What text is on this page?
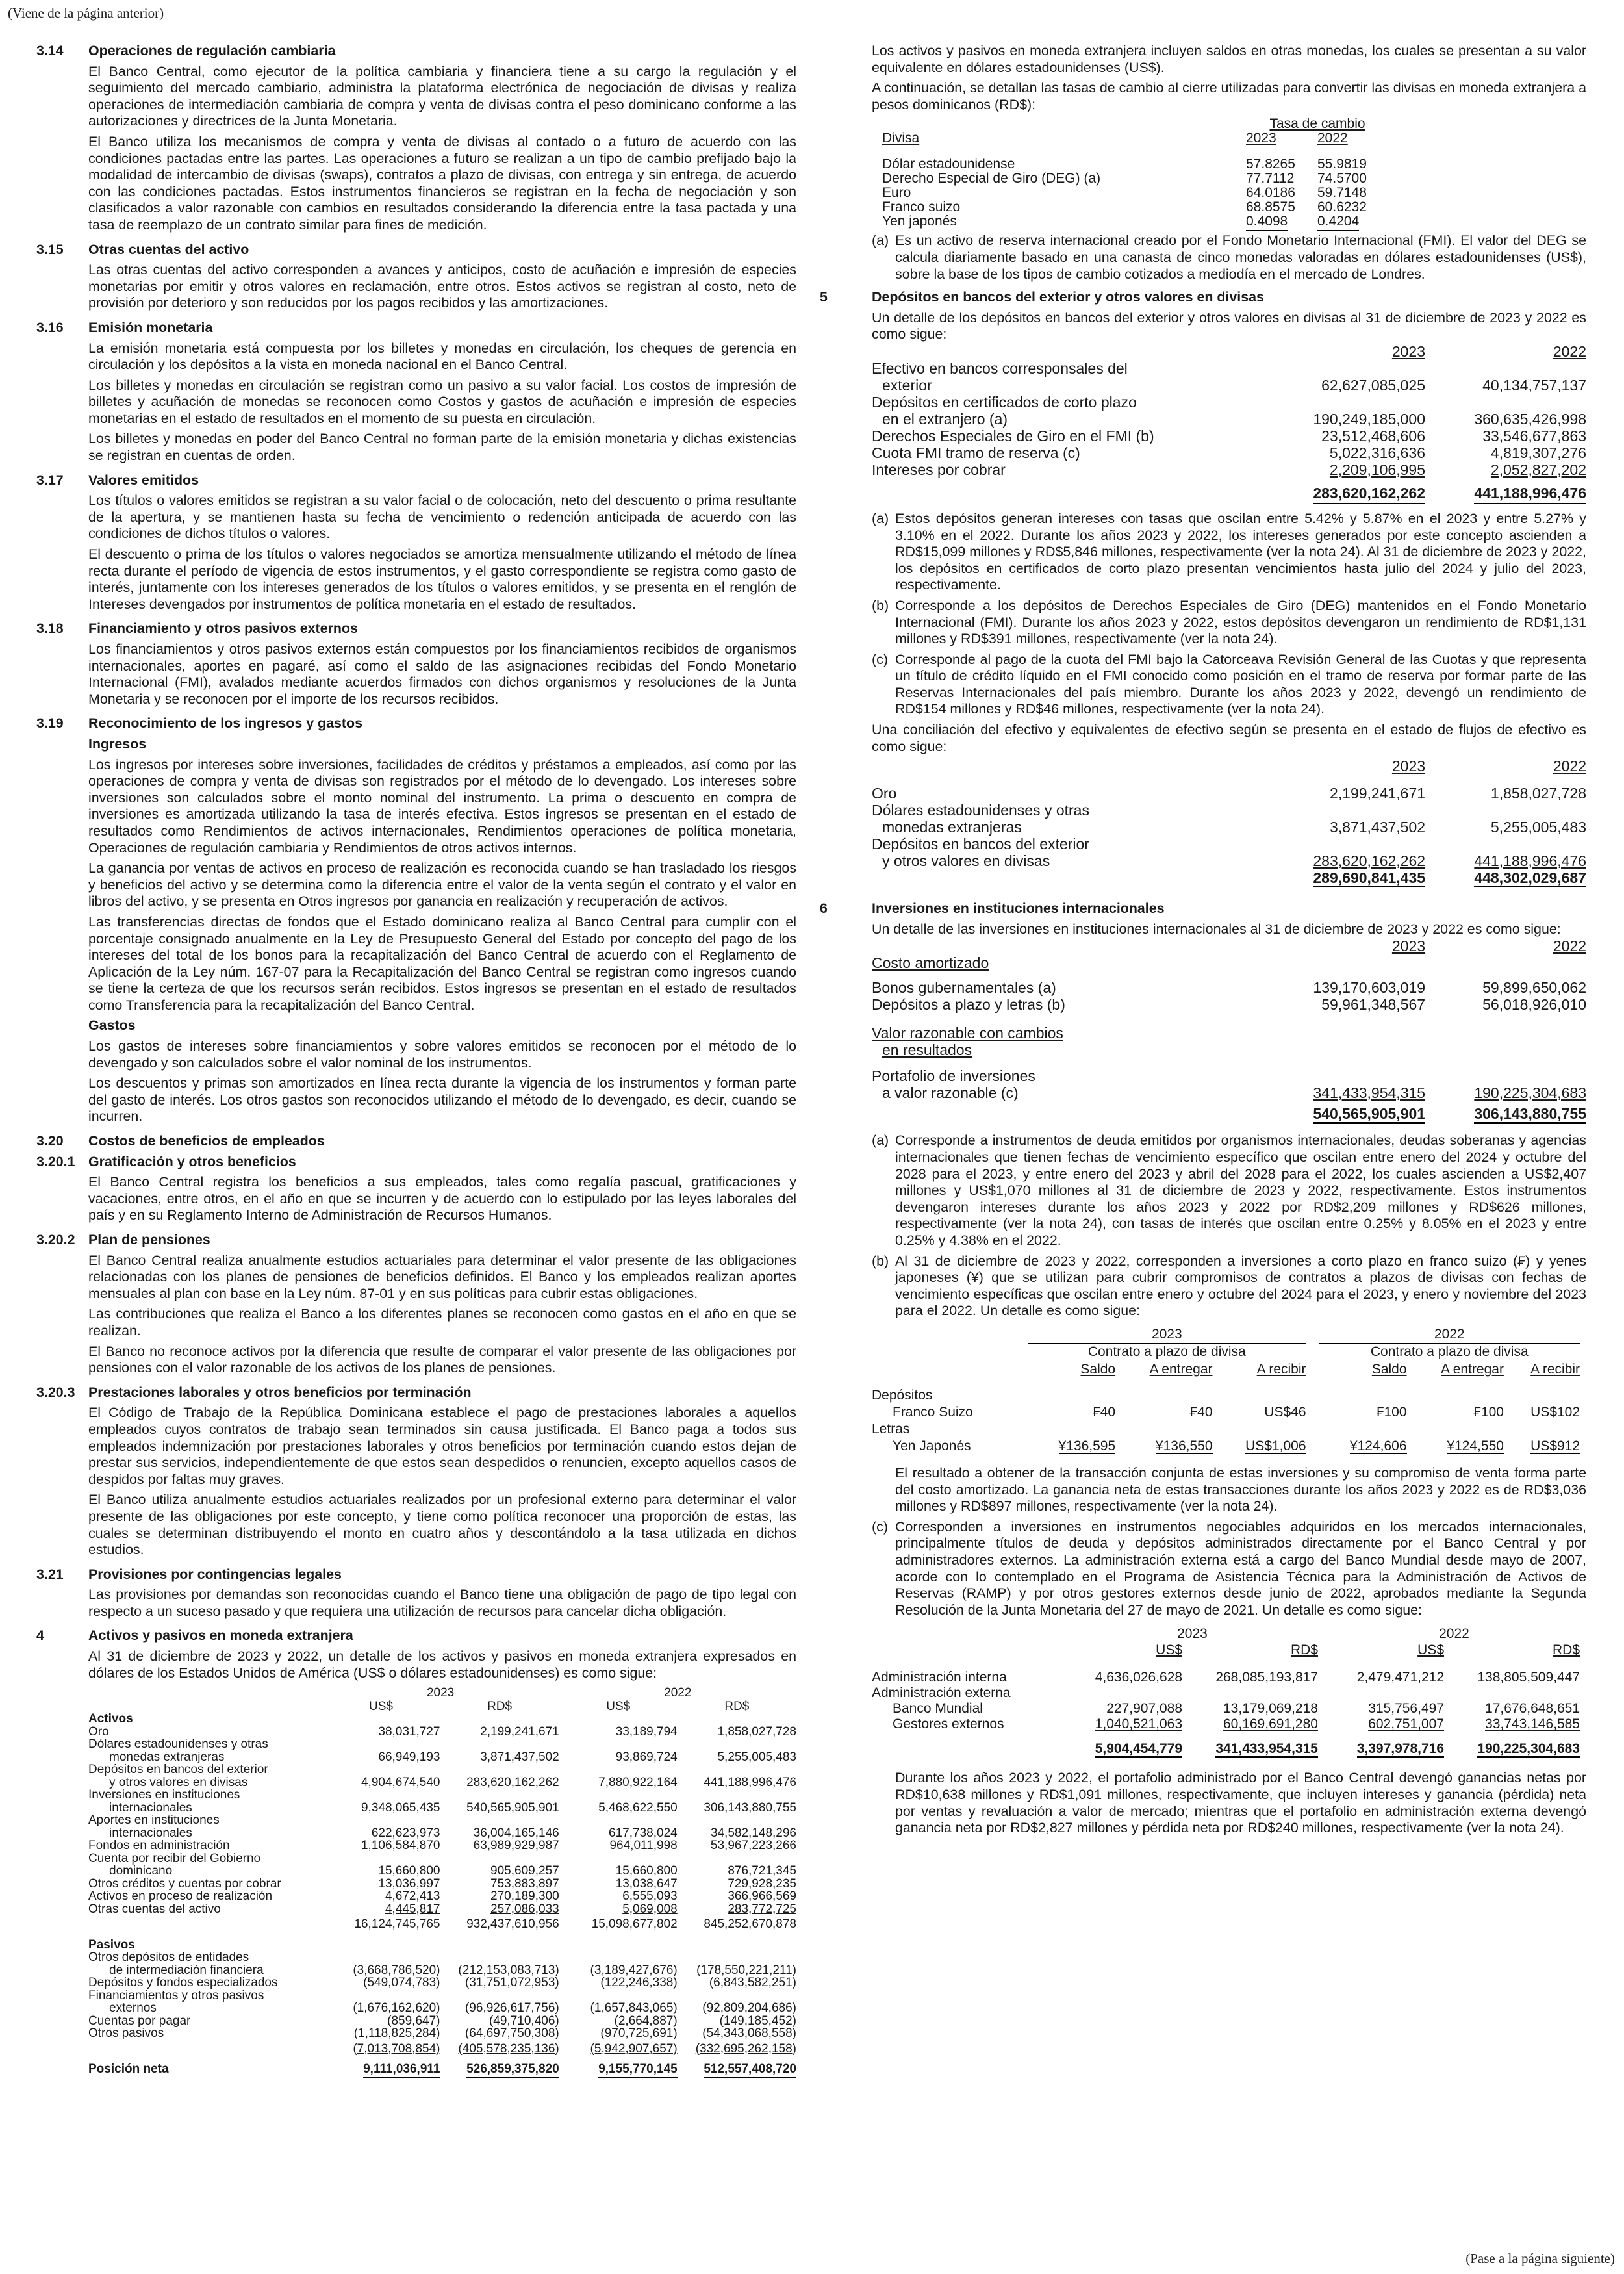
(Viene de la página anterior)
(Pase a la página siguiente)
3.14	Operaciones de regulación cambiaria

El Banco Central, como ejecutor de la política cambiaria y financiera tiene a su cargo la regulación y el seguimiento del mercado cambiario, administra la plataforma electrónica de negociación de divisas y realiza operaciones de intermediación cambiaria de compra y venta de divisas contra el peso dominicano conforme a las autorizaciones y directrices de la Junta Monetaria.

El Banco utiliza los mecanismos de compra y venta de divisas al contado o a futuro de acuerdo con las condiciones pactadas entre las partes. Las operaciones a futuro se realizan a un tipo de cambio prefijado bajo la modalidad de intercambio de divisas (swaps), contratos a plazo de divisas, con entrega y sin entrega, de acuerdo con las condiciones pactadas. Estos instrumentos financieros se registran en la fecha de negociación y son clasificados a valor razonable con cambios en resultados considerando la diferencia entre la tasa pactada y una tasa de reemplazo de un contrato similar para fines de medición.

3.15	Otras cuentas del activo

Las otras cuentas del activo corresponden a avances y anticipos, costo de acuñación e impresión de especies monetarias por emitir y otros valores en reclamación, entre otros. Estos activos se registran al costo, neto de provisión por deterioro y son reducidos por los pagos recibidos y las amortizaciones.

3.16	Emisión monetaria

La emisión monetaria está compuesta por los billetes y monedas en circulación, los cheques de gerencia en circulación y los depósitos a la vista en moneda nacional en el Banco Central.

Los billetes y monedas en circulación se registran como un pasivo a su valor facial. Los costos de impresión de billetes y acuñación de monedas se reconocen como Costos y gastos de acuñación e impresión de especies monetarias en el estado de resultados en el momento de su puesta en circulación.

Los billetes y monedas en poder del Banco Central no forman parte de la emisión monetaria y dichas existencias se registran en cuentas de orden.

3.17	Valores emitidos

Los títulos o valores emitidos se registran a su valor facial o de colocación, neto del descuento o prima resultante de la apertura, y se mantienen hasta su fecha de vencimiento o redención anticipada de acuerdo con las condiciones de dichos títulos o valores.

El descuento o prima de los títulos o valores negociados se amortiza mensualmente utilizando el método de línea recta durante el período de vigencia de estos instrumentos, y el gasto correspondiente se registra como gasto de interés, juntamente con los intereses generados de los títulos o valores emitidos, y se presenta en el renglón de Intereses devengados por instrumentos de política monetaria en el estado de resultados.

3.18	Financiamiento y otros pasivos externos

Los financiamientos y otros pasivos externos están compuestos por los financiamientos recibidos de organismos internacionales, aportes en pagaré, así como el saldo de las asignaciones recibidas del Fondo Monetario Internacional (FMI), avalados mediante acuerdos firmados con dichos organismos y resoluciones de la Junta Monetaria y se reconocen por el importe de los recursos recibidos.

3.19	Reconocimiento de los ingresos y gastos
Ingresos

Los ingresos por intereses sobre inversiones, facilidades de créditos y préstamos a empleados, así como por las operaciones de compra y venta de divisas son registrados por el método de lo devengado. Los intereses sobre inversiones son calculados sobre el monto nominal del instrumento. La prima o descuento en compra de inversiones es amortizada utilizando la tasa de interés efectiva. Estos ingresos se presentan en el estado de resultados como Rendimientos de activos internacionales, Rendimientos operaciones de política monetaria, Operaciones de regulación cambiaria y Rendimientos de otros activos internos.

La ganancia por ventas de activos en proceso de realización es reconocida cuando se han trasladado los riesgos y beneficios del activo y se determina como la diferencia entre el valor de la venta según el contrato y el valor en libros del activo, y se presenta en Otros ingresos por ganancia en realización y recuperación de activos.

Las transferencias directas de fondos que el Estado dominicano realiza al Banco Central para cumplir con el porcentaje consignado anualmente en la Ley de Presupuesto General del Estado por concepto del pago de los intereses del total de los bonos para la recapitalización del Banco Central de acuerdo con el Reglamento de Aplicación de la Ley núm. 167-07 para la Recapitalización del Banco Central se registran como ingresos cuando se tiene la certeza de que los recursos serán recibidos. Estos ingresos se presentan en el estado de resultados como Transferencia para la recapitalización del Banco Central.

Gastos

Los gastos de intereses sobre financiamientos y sobre valores emitidos se reconocen por el método de lo devengado y son calculados sobre el valor nominal de los instrumentos.

Los descuentos y primas son amortizados en línea recta durante la vigencia de los instrumentos y forman parte del gasto de interés. Los otros gastos son reconocidos utilizando el método de lo devengado, es decir, cuando se incurren.

3.20	Costos de beneficios de empleados
3.20.1 Gratificación y otros beneficios

El Banco Central registra los beneficios a sus empleados, tales como regalía pascual, gratificaciones y vacaciones, entre otros, en el año en que se incurren y de acuerdo con lo estipulado por las leyes laborales del país y en su Reglamento Interno de Administración de Recursos Humanos.

3.20.2 Plan de pensiones

El Banco Central realiza anualmente estudios actuariales para determinar el valor presente de las obligaciones relacionadas con los planes de pensiones de beneficios definidos. El Banco y los empleados realizan aportes mensuales al plan con base en la Ley núm. 87-01 y en sus políticas para cubrir estas obligaciones.

Las contribuciones que realiza el Banco a los diferentes planes se reconocen como gastos en el año en que se realizan.

El Banco no reconoce activos por la diferencia que resulte de comparar el valor presente de las obligaciones por pensiones con el valor razonable de los activos de los planes de pensiones.

3.20.3 Prestaciones laborales y otros beneficios por terminación

El Código de Trabajo de la República Dominicana establece el pago de prestaciones laborales a aquellos empleados cuyos contratos de trabajo sean terminados sin causa justificada. El Banco paga a todos sus empleados indemnización por prestaciones laborales y otros beneficios por terminación cuando estos dejan de prestar sus servicios, independientemente de que estos sean despedidos o renuncien, excepto aquellos casos de despidos por faltas muy graves.

El Banco utiliza anualmente estudios actuariales realizados por un profesional externo para determinar el valor presente de las obligaciones por este concepto, y tiene como política reconocer una proporción de estas, las cuales se determinan distribuyendo el monto en cuatro años y descontándolo a la tasa utilizada en dichos estudios.

3.21	Provisiones por contingencias legales

Las provisiones por demandas son reconocidas cuando el Banco tiene una obligación de pago de tipo legal con respecto a un suceso pasado y que requiera una utilización de recursos para cancelar dicha obligación.

4	Activos y pasivos en moneda extranjera

Al 31 de diciembre de 2023 y 2022, un detalle de los activos y pasivos en moneda extranjera expresados en dólares de los Estados Unidos de América (US$ o dólares estadounidenses) es como sigue:

	2023		2022	
	US$	RD$	US$	RD$
Activos				
Oro	38,031,727	2,199,241,671	33,189,794	1,858,027,728
Dólares estadounidenses y otras				
monedas extranjeras	66,949,193	3,871,437,502	93,869,724	5,255,005,483
Depósitos en bancos del exterior				
y otros valores en divisas	4,904,674,540	283,620,162,262	7,880,922,164	441,188,996,476
Inversiones en instituciones				
internacionales	9,348,065,435	540,565,905,901	5,468,622,550	306,143,880,755
Aportes en instituciones				
internacionales	622,623,973	36,004,165,146	617,738,024	34,582,148,296
Fondos en administración	1,106,584,870	63,989,929,987	964,011,998	53,967,223,266
Cuenta por recibir del Gobierno				
dominicano	15,660,800	905,609,257	15,660,800	876,721,345
Otros créditos y cuentas por cobrar	13,036,997	753,883,897	13,038,647	729,928,235
Activos en proceso de realización	4,672,413	270,189,300	6,555,093	366,966,569
Otras cuentas del activo	4,445,817	257,086,033	5,069,008	283,772,725
	16,124,745,765	932,437,610,956	15,098,677,802	845,252,670,878

Pasivos				
Otros depósitos de entidades				
de intermediación financiera	(3,668,786,520)	(212,153,083,713)	(3,189,427,676)	(178,550,221,211)
Depósitos y fondos especializados	(549,074,783)	(31,751,072,953)	(122,246,338)	(6,843,582,251)
Financiamientos y otros pasivos				
externos	(1,676,162,620)	(96,926,617,756)	(1,657,843,065)	(92,809,204,686)
Cuentas por pagar	(859,647)	(49,710,406)	(2,664,887)	(149,185,452)
Otros pasivos	(1,118,825,284)	(64,697,750,308)	(970,725,691)	(54,343,068,558)
	(7,013,708,854)	(405,578,235,136)	(5,942,907,657)	(332,695,262,158)

Posición neta	9,111,036,911	526,859,375,820	9,155,770,145	512,557,408,720

Los activos y pasivos en moneda extranjera incluyen saldos en otras monedas, los cuales se presentan a su valor equivalente en dólares estadounidenses (US$).

A continuación, se detallan las tasas de cambio al cierre utilizadas para convertir las divisas en moneda extranjera a pesos dominicanos (RD$):

	Tasa de cambio	
Divisa	2023	2022

Dólar estadounidense	57.8265	55.9819
Derecho Especial de Giro (DEG) (a)	77.7112	74.5700
Euro	64.0186	59.7148
Franco suizo	68.8575	60.6232
Yen japonés	0.4098	0.4204
(a) Es un activo de reserva internacional creado por el Fondo Monetario Internacional (FMI). El valor del DEG se calcula diariamente basado en una canasta de cinco monedas valoradas en dólares estadounidenses (US$), sobre la base de los tipos de cambio cotizados a mediodía en el mercado de Londres.
5	Depósitos en bancos del exterior y otros valores en divisas

Un detalle de los depósitos en bancos del exterior y otros valores en divisas al 31 de diciembre de 2023 y 2022 es como sigue:

	2023	2022
Efectivo en bancos corresponsales del		
exterior	62,627,085,025	40,134,757,137
Depósitos en certificados de corto plazo		
en el extranjero (a)	190,249,185,000	360,635,426,998
Derechos Especiales de Giro en el FMI (b)	23,512,468,606	33,546,677,863
Cuota FMI tramo de reserva (c)	5,022,316,636	4,819,307,276
Intereses por cobrar	2,209,106,995	2,052,827,202

	283,620,162,262	441,188,996,476
(a) Estos depósitos generan intereses con tasas que oscilan entre 5.42% y 5.87% en el 2023 y entre 5.27% y 3.10% en el 2022. Durante los años 2023 y 2022, los intereses generados por este concepto ascienden a RD$15,099 millones y RD$5,846 millones, respectivamente (ver la nota 24). Al 31 de diciembre de 2023 y 2022, los depósitos en certificados de corto plazo presentan vencimientos hasta julio del 2024 y julio del 2023, respectivamente.
(b) Corresponde a los depósitos de Derechos Especiales de Giro (DEG) mantenidos en el Fondo Monetario Internacional (FMI). Durante los años 2023 y 2022, estos depósitos devengaron un rendimiento de RD$1,131 millones y RD$391 millones, respectivamente (ver la nota 24).
(c) Corresponde al pago de la cuota del FMI bajo la Catorceava Revisión General de las Cuotas y que representa un título de crédito líquido en el FMI conocido como posición en el tramo de reserva por formar parte de las Reservas Internacionales del país miembro. Durante los años 2023 y 2022, devengó un rendimiento de RD$154 millones y RD$46 millones, respectivamente (ver la nota 24).

Una conciliación del efectivo y equivalentes de efectivo según se presenta en el estado de flujos de efectivo es como sigue:

	2023	2022

Oro	2,199,241,671	1,858,027,728
Dólares estadounidenses y otras		
monedas extranjeras	3,871,437,502	5,255,005,483
Depósitos en bancos del exterior		
y otros valores en divisas	283,620,162,262	441,188,996,476
	289,690,841,435	448,302,029,687
6	Inversiones en instituciones internacionales

Un detalle de las inversiones en instituciones internacionales al 31 de diciembre de 2023 y 2022 es como sigue:

	2023	2022
Costo amortizado		

Bonos gubernamentales (a)	139,170,603,019	59,899,650,062
Depósitos a plazo y letras (b)	59,961,348,567	56,018,926,010

Valor razonable con cambios		
en resultados		

Portafolio de inversiones		
a valor razonable (c)	341,433,954,315	190,225,304,683

	540,565,905,901	306,143,880,755
(a) Corresponde a instrumentos de deuda emitidos por organismos internacionales, deudas soberanas y agencias internacionales que tienen fechas de vencimiento específico que oscilan entre enero del 2024 y octubre del 2028 para el 2023, y entre enero del 2023 y abril del 2028 para el 2022, los cuales ascienden a US$2,407 millones y US$1,070 millones al 31 de diciembre de 2023 y 2022, respectivamente. Estos instrumentos devengaron intereses durante los años 2023 y 2022 por RD$2,209 millones y RD$626 millones, respectivamente (ver la nota 24), con tasas de interés que oscilan entre 0.25% y 8.05% en el 2023 y entre 0.25% y 4.38% en el 2022.
(b) Al 31 de diciembre de 2023 y 2022, corresponden a inversiones a corto plazo en franco suizo (₣) y yenes japoneses (¥) que se utilizan para cubrir compromisos de contratos a plazos de divisas con fechas de vencimiento específicas que oscilan entre enero y octubre del 2024 para el 2023, y enero y noviembre del 2023 para el 2022. Un detalle es como sigue:
	2023				2022		
	Contrato a plazo de divisa				Contrato a plazo de divisa		
	Saldo	A entregar	A recibir		Saldo	A entregar	A recibir

Depósitos							
Franco Suizo	₣40	₣40	US$46		₣100	₣100	US$102
Letras							
Yen Japonés	¥136,595	¥136,550	US$1,006		¥124,606	¥124,550	US$912

El resultado a obtener de la transacción conjunta de estas inversiones y su compromiso de venta forma parte del costo amortizado. La ganancia neta de estas transacciones durante los años 2023 y 2022 es de RD$3,036 millones y RD$897 millones, respectivamente (ver la nota 24).

(c) Corresponden a inversiones en instrumentos negociables adquiridos en los mercados internacionales, principalmente títulos de deuda y depósitos administrados directamente por el Banco Central y por administradores externos. La administración externa está a cargo del Banco Mundial desde mayo de 2007, acorde con lo contemplado en el Programa de Asistencia Técnica para la Administración de Activos de Reservas (RAMP) y por otros gestores externos desde junio de 2022, aprobados mediante la Segunda Resolución de la Junta Monetaria del 27 de mayo de 2021. Un detalle es como sigue:
	2023			2022	
	US$	RD$		US$	RD$

Administración interna	4,636,026,628	268,085,193,817		2,479,471,212	138,805,509,447
Administración externa					
Banco Mundial	227,907,088	13,179,069,218		315,756,497	17,676,648,651
Gestores externos	1,040,521,063	60,169,691,280		602,751,007	33,743,146,585

	5,904,454,779	341,433,954,315		3,397,978,716	190,225,304,683

Durante los años 2023 y 2022, el portafolio administrado por el Banco Central devengó ganancias netas por RD$10,638 millones y RD$1,091 millones, respectivamente, que incluyen intereses y ganancia (pérdida) neta por ventas y revaluación a valor de mercado; mientras que el portafolio en administración externa devengó ganancia neta por RD$2,827 millones y pérdida neta por RD$240 millones, respectivamente (ver la nota 24).
